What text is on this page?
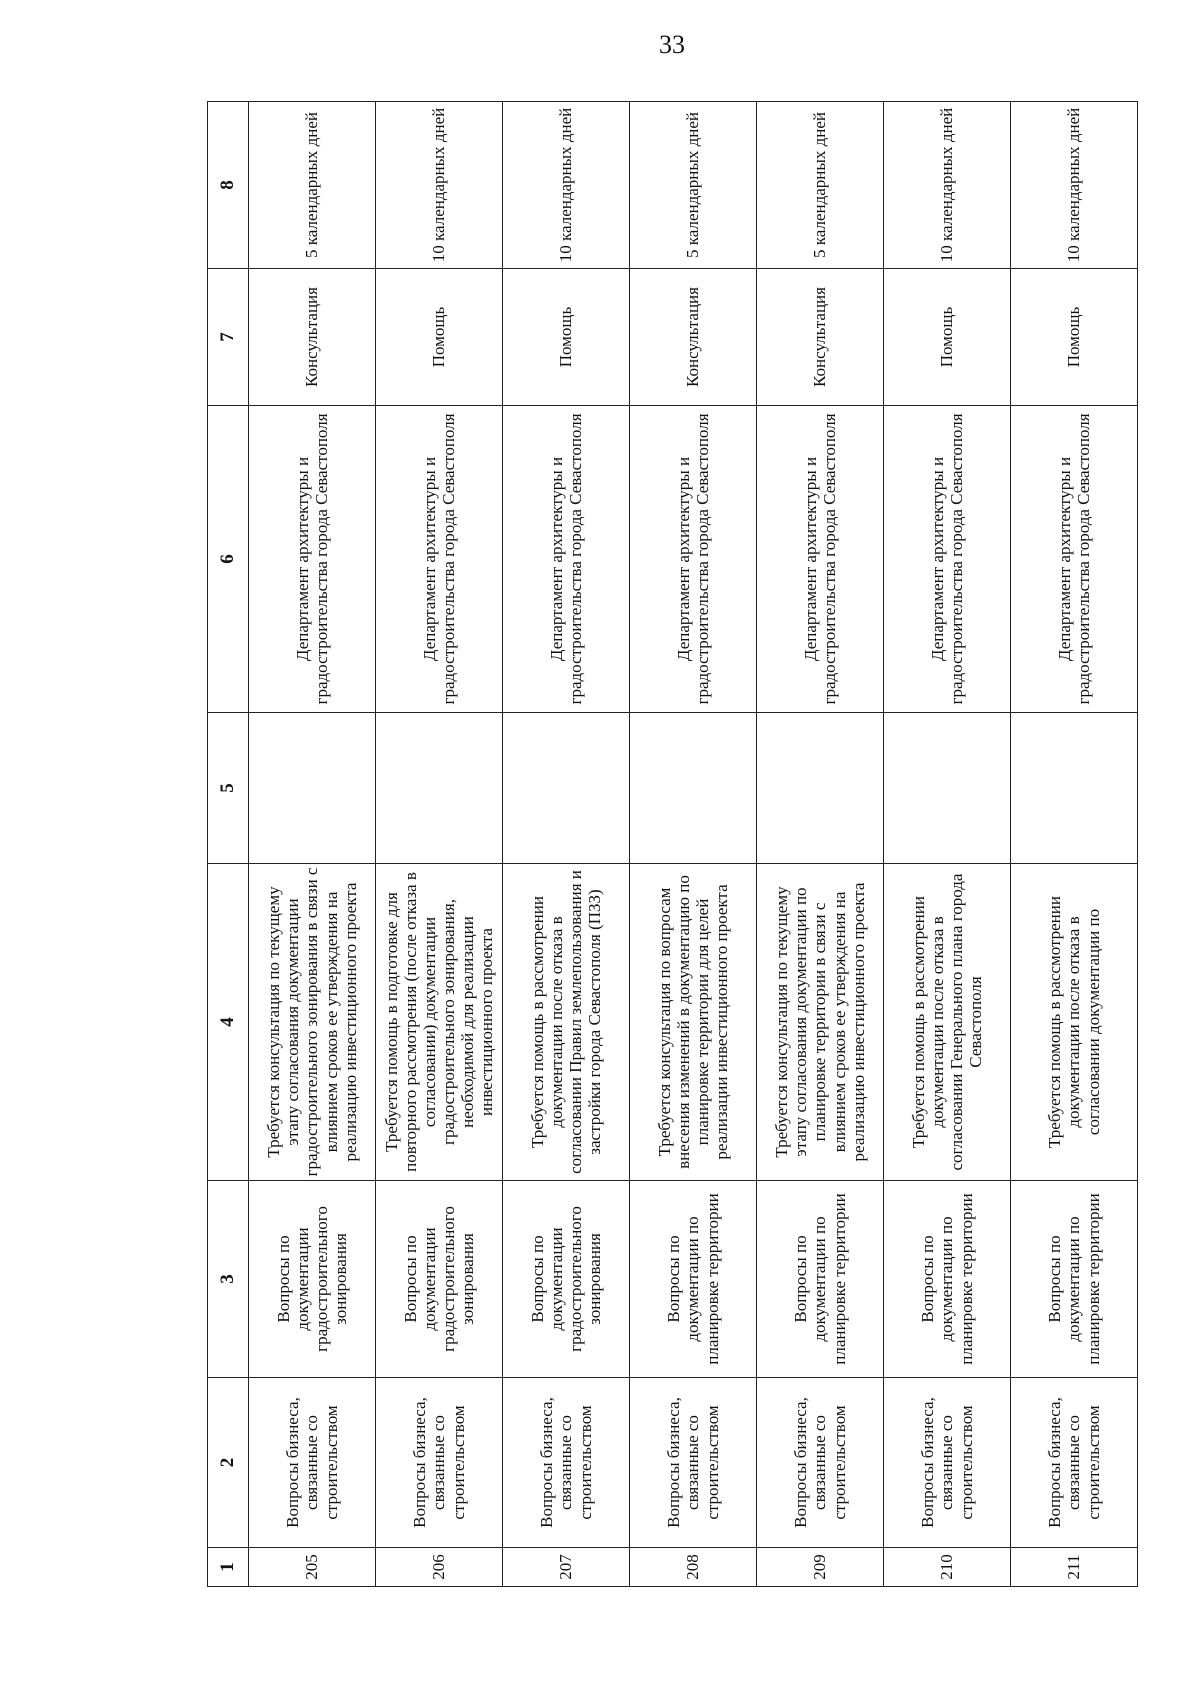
33
1	2	3	4	5	6	7	8
205	Вопросы бизнеса, связанные со строительством	Вопросы по документации градостроительного зонирования	Требуется консультация по текущему этапу согласования документации градостроительного зонирования в связи с влиянием сроков ее утверждения на реализацию инвестиционного проекта		Департамент архитектуры и градостроительства города Севастополя	Консультация	5 календарных дней
206	Вопросы бизнеса, связанные со строительством	Вопросы по документации градостроительного зонирования	Требуется помощь в подготовке для повторного рассмотрения (после отказа в согласовании) документации градостроительного зонирования, необходимой для реализации инвестиционного проекта		Департамент архитектуры и градостроительства города Севастополя	Помощь	10 календарных дней
207	Вопросы бизнеса, связанные со строительством	Вопросы по документации градостроительного зонирования	Требуется помощь в рассмотрении документации после отказа в согласовании Правил землепользования и застройки города Севастополя (ПЗЗ)		Департамент архитектуры и градостроительства города Севастополя	Помощь	10 календарных дней
208	Вопросы бизнеса, связанные со строительством	Вопросы по документации по планировке территории	Требуется консультация по вопросам внесения изменений в документацию по планировке территории для целей реализации инвестиционного проекта		Департамент архитектуры и градостроительства города Севастополя	Консультация	5 календарных дней
209	Вопросы бизнеса, связанные со строительством	Вопросы по документации по планировке территории	Требуется консультация по текущему этапу согласования документации по планировке территории в связи с влиянием сроков ее утверждения на реализацию инвестиционного проекта		Департамент архитектуры и градостроительства города Севастополя	Консультация	5 календарных дней
210	Вопросы бизнеса, связанные со строительством	Вопросы по документации по планировке территории	Требуется помощь в рассмотрении документации после отказа в согласовании Генерального плана города Севастополя		Департамент архитектуры и градостроительства города Севастополя	Помощь	10 календарных дней
211	Вопросы бизнеса, связанные со строительством	Вопросы по документации по планировке территории	Требуется помощь в рассмотрении документации после отказа в согласовании документации по		Департамент архитектуры и градостроительства города Севастополя	Помощь	10 календарных дней
